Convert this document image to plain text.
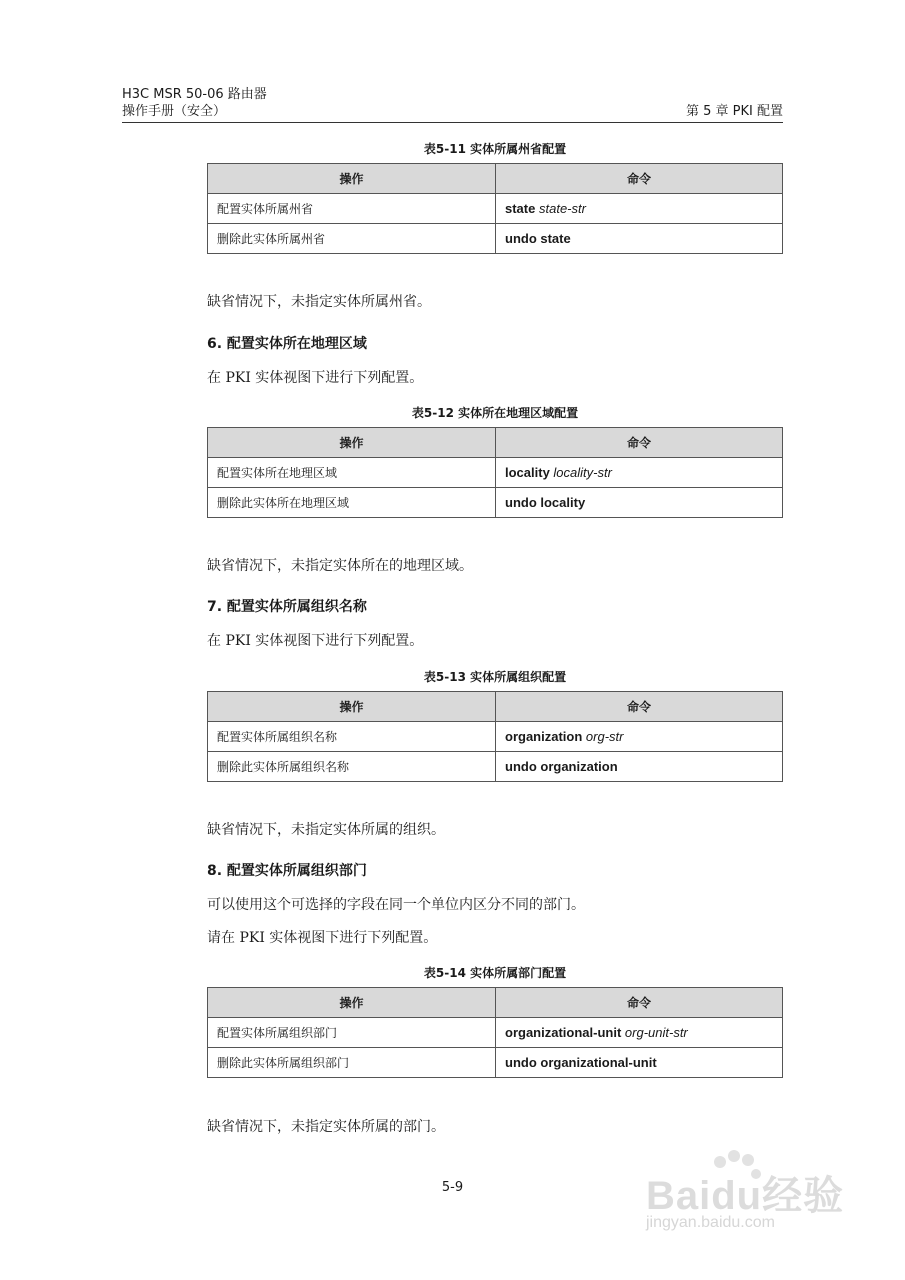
H3C MSR 50-06 路由器
操作手册（安全）	第 5 章 PKI 配置
表5-11 实体所属州省配置
操作	命令
配置实体所属州省	state state-str
删除此实体所属州省	undo state
缺省情况下，未指定实体所属州省。
6. 配置实体所在地理区域
在 PKI 实体视图下进行下列配置。
表5-12 实体所在地理区域配置
操作	命令
配置实体所在地理区域	locality locality-str
删除此实体所在地理区域	undo locality
缺省情况下，未指定实体所在的地理区域。
7. 配置实体所属组织名称
在 PKI 实体视图下进行下列配置。
表5-13 实体所属组织配置
操作	命令
配置实体所属组织名称	organization org-str
删除此实体所属组织名称	undo organization
缺省情况下，未指定实体所属的组织。
8. 配置实体所属组织部门
可以使用这个可选择的字段在同一个单位内区分不同的部门。
请在 PKI 实体视图下进行下列配置。
表5-14 实体所属部门配置
操作	命令
配置实体所属组织部门	organizational-unit org-unit-str
删除此实体所属组织部门	undo organizational-unit
缺省情况下，未指定实体所属的部门。
5-9	Baidu经验
jingyan.baidu.com
